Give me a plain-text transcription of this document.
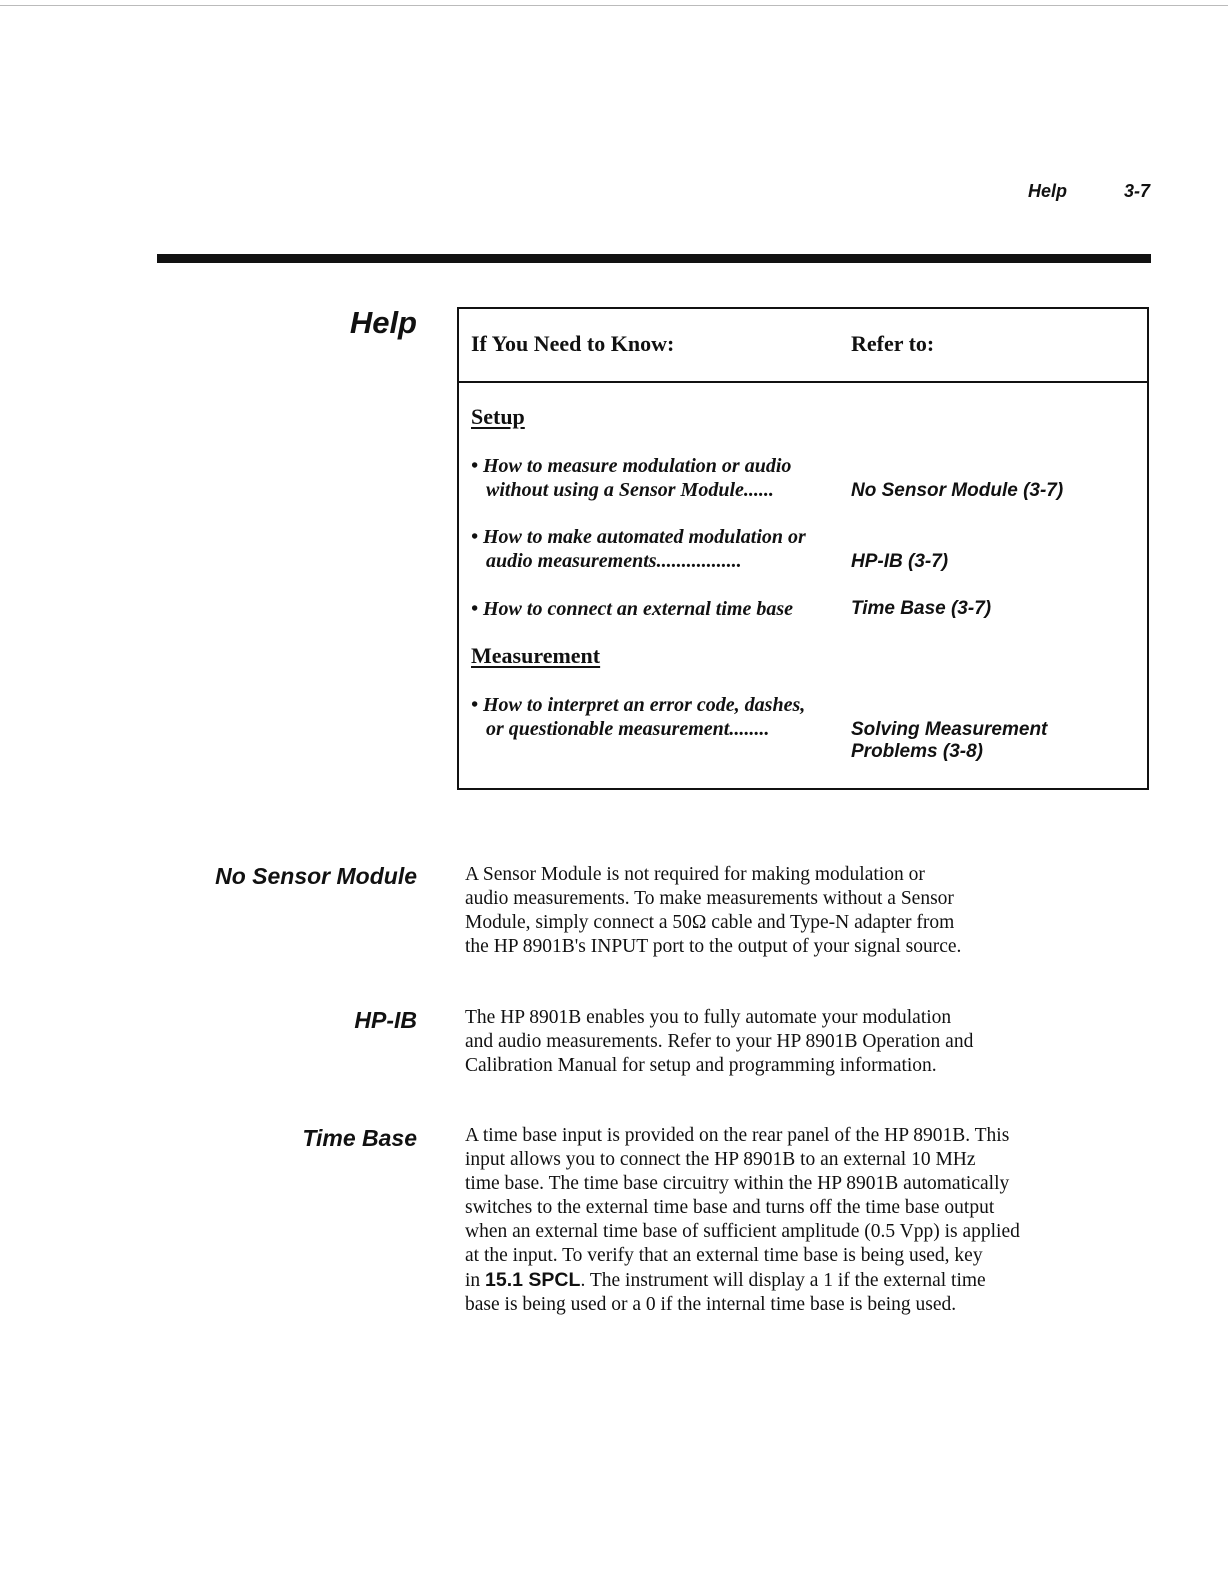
Help	3-7
Help
If You Need to Know:	Refer to:
Setup
• How to measure modulation or audio
without using a Sensor Module......	No Sensor Module (3-7)
• How to make automated modulation or
audio measurements.................	HP-IB (3-7)
• How to connect an external time base	Time Base (3-7)
Measurement
• How to interpret an error code, dashes,
or questionable measurement........	Solving Measurement
Problems (3-8)
No Sensor Module A Sensor Module is not required for making modulation or
audio measurements. To make measurements without a Sensor
Module, simply connect a 50Ω cable and Type-N adapter from
the HP 8901B's INPUT port to the output of your signal source.
HP-IB The HP 8901B enables you to fully automate your modulation
and audio measurements. Refer to your HP 8901B Operation and
Calibration Manual for setup and programming information.
Time Base A time base input is provided on the rear panel of the HP 8901B. This
input allows you to connect the HP 8901B to an external 10 MHz
time base. The time base circuitry within the HP 8901B automatically
switches to the external time base and turns off the time base output
when an external time base of sufficient amplitude (0.5 Vpp) is applied
at the input. To verify that an external time base is being used, key
in 15.1 SPCL. The instrument will display a 1 if the external time
base is being used or a 0 if the internal time base is being used.
